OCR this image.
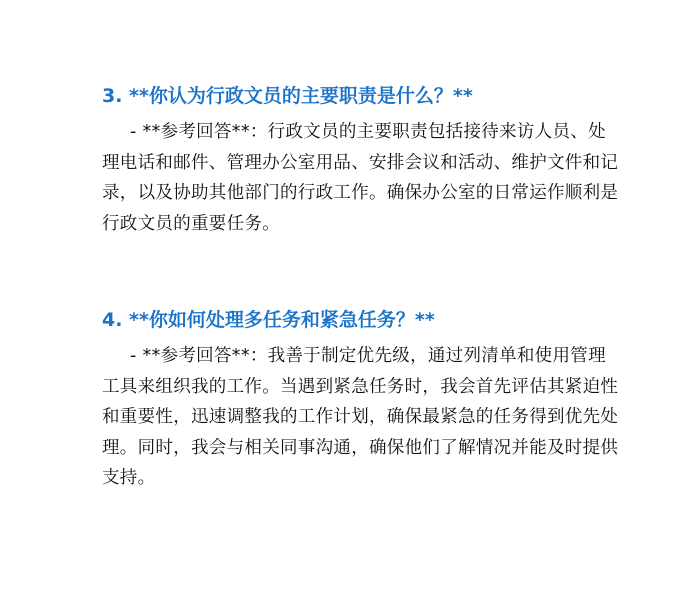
3. **你认为行政文员的主要职责是什么？**

- **参考回答**：行政文员的主要职责包括接待来访人员、处理电话和邮件、管理办公室用品、安排会议和活动、维护文件和记录，以及协助其他部门的行政工作。确保办公室的日常运作顺利是行政文员的重要任务。

4. **你如何处理多任务和紧急任务？**

- **参考回答**：我善于制定优先级，通过列清单和使用管理工具来组织我的工作。当遇到紧急任务时，我会首先评估其紧迫性和重要性，迅速调整我的工作计划，确保最紧急的任务得到优先处理。同时，我会与相关同事沟通，确保他们了解情况并能及时提供支持。
